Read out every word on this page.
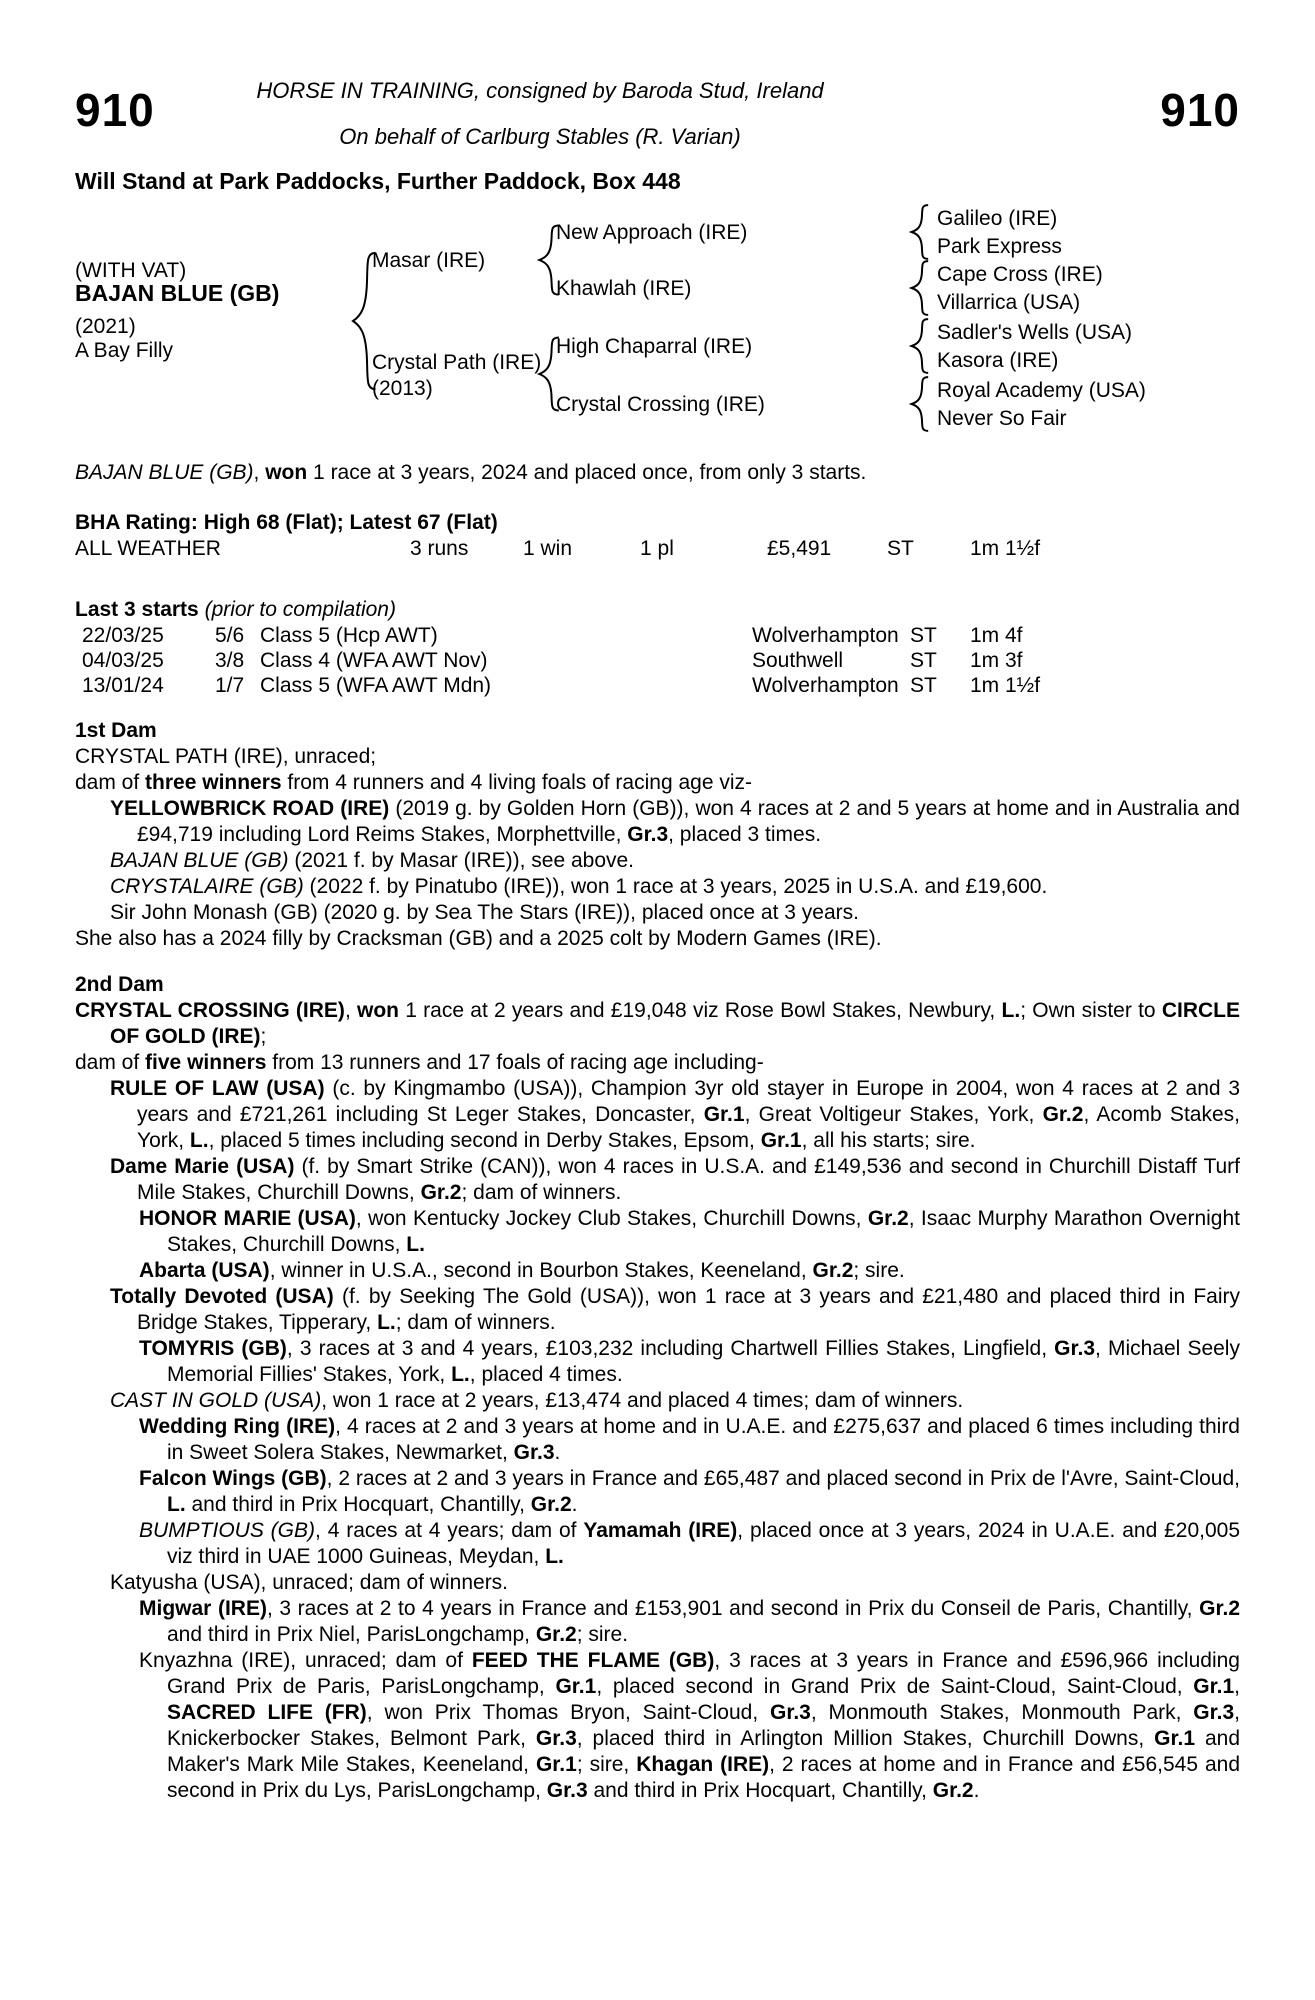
910	910
HORSE IN TRAINING, consigned by Baroda Stud, Ireland
On behalf of Carlburg Stables (R. Varian)
Will Stand at Park Paddocks, Further Paddock, Box 448
(WITH VAT)
BAJAN BLUE (GB)
(2021)
A Bay Filly
Masar (IRE)
Crystal Path (IRE)
(2013)
New Approach (IRE)
Khawlah (IRE)
High Chaparral (IRE)
Crystal Crossing (IRE)
Galileo (IRE)
Park Express
Cape Cross (IRE)
Villarrica (USA)
Sadler's Wells (USA)
Kasora (IRE)
Royal Academy (USA)
Never So Fair

BAJAN BLUE (GB), won 1 race at 3 years, 2024 and placed once, from only 3 starts.

BHA Rating: High 68 (Flat); Latest 67 (Flat)
ALL WEATHER	3 runs	1 win	1 pl	£5,491	ST	1m 1½f
Last 3 starts (prior to compilation)
22/03/25 5/6 Class 5 (Hcp AWT)	Wolverhampton ST 1m 4f
04/03/25 3/8 Class 4 (WFA AWT Nov)	Southwell	ST 1m 3f
13/01/24 1/7 Class 5 (WFA AWT Mdn)	Wolverhampton ST 1m 1½f
1st Dam

CRYSTAL PATH (IRE), unraced;

dam of three winners from 4 runners and 4 living foals of racing age viz-

YELLOWBRICK ROAD (IRE) (2019 g. by Golden Horn (GB)), won 4 races at 2 and 5 years at home and in Australia and £94,719 including Lord Reims Stakes, Morphettville, Gr.3, placed 3 times.

BAJAN BLUE (GB) (2021 f. by Masar (IRE)), see above.

CRYSTALAIRE (GB) (2022 f. by Pinatubo (IRE)), won 1 race at 3 years, 2025 in U.S.A. and £19,600.

Sir John Monash (GB) (2020 g. by Sea The Stars (IRE)), placed once at 3 years.

She also has a 2024 filly by Cracksman (GB) and a 2025 colt by Modern Games (IRE).

2nd Dam

CRYSTAL CROSSING (IRE), won 1 race at 2 years and £19,048 viz Rose Bowl Stakes, Newbury, L.; Own sister to CIRCLE OF GOLD (IRE);

dam of five winners from 13 runners and 17 foals of racing age including-

RULE OF LAW (USA) (c. by Kingmambo (USA)), Champion 3yr old stayer in Europe in 2004, won 4 races at 2 and 3 years and £721,261 including St Leger Stakes, Doncaster, Gr.1, Great Voltigeur Stakes, York, Gr.2, Acomb Stakes, York, L., placed 5 times including second in Derby Stakes, Epsom, Gr.1, all his starts; sire.

Dame Marie (USA) (f. by Smart Strike (CAN)), won 4 races in U.S.A. and £149,536 and second in Churchill Distaff Turf Mile Stakes, Churchill Downs, Gr.2; dam of winners.

HONOR MARIE (USA), won Kentucky Jockey Club Stakes, Churchill Downs, Gr.2, Isaac Murphy Marathon Overnight Stakes, Churchill Downs, L.

Abarta (USA), winner in U.S.A., second in Bourbon Stakes, Keeneland, Gr.2; sire.

Totally Devoted (USA) (f. by Seeking The Gold (USA)), won 1 race at 3 years and £21,480 and placed third in Fairy Bridge Stakes, Tipperary, L.; dam of winners.

TOMYRIS (GB), 3 races at 3 and 4 years, £103,232 including Chartwell Fillies Stakes, Lingfield, Gr.3, Michael Seely Memorial Fillies' Stakes, York, L., placed 4 times.

CAST IN GOLD (USA), won 1 race at 2 years, £13,474 and placed 4 times; dam of winners.

Wedding Ring (IRE), 4 races at 2 and 3 years at home and in U.A.E. and £275,637 and placed 6 times including third in Sweet Solera Stakes, Newmarket, Gr.3.

Falcon Wings (GB), 2 races at 2 and 3 years in France and £65,487 and placed second in Prix de l'Avre, Saint-Cloud, L. and third in Prix Hocquart, Chantilly, Gr.2.

BUMPTIOUS (GB), 4 races at 4 years; dam of Yamamah (IRE), placed once at 3 years, 2024 in U.A.E. and £20,005 viz third in UAE 1000 Guineas, Meydan, L.

Katyusha (USA), unraced; dam of winners.

Migwar (IRE), 3 races at 2 to 4 years in France and £153,901 and second in Prix du Conseil de Paris, Chantilly, Gr.2 and third in Prix Niel, ParisLongchamp, Gr.2; sire.

Knyazhna (IRE), unraced; dam of FEED THE FLAME (GB), 3 races at 3 years in France and £596,966 including Grand Prix de Paris, ParisLongchamp, Gr.1, placed second in Grand Prix de Saint-Cloud, Saint-Cloud, Gr.1, SACRED LIFE (FR), won Prix Thomas Bryon, Saint-Cloud, Gr.3, Monmouth Stakes, Monmouth Park, Gr.3, Knickerbocker Stakes, Belmont Park, Gr.3, placed third in Arlington Million Stakes, Churchill Downs, Gr.1 and Maker's Mark Mile Stakes, Keeneland, Gr.1; sire, Khagan (IRE), 2 races at home and in France and £56,545 and second in Prix du Lys, ParisLongchamp, Gr.3 and third in Prix Hocquart, Chantilly, Gr.2.
